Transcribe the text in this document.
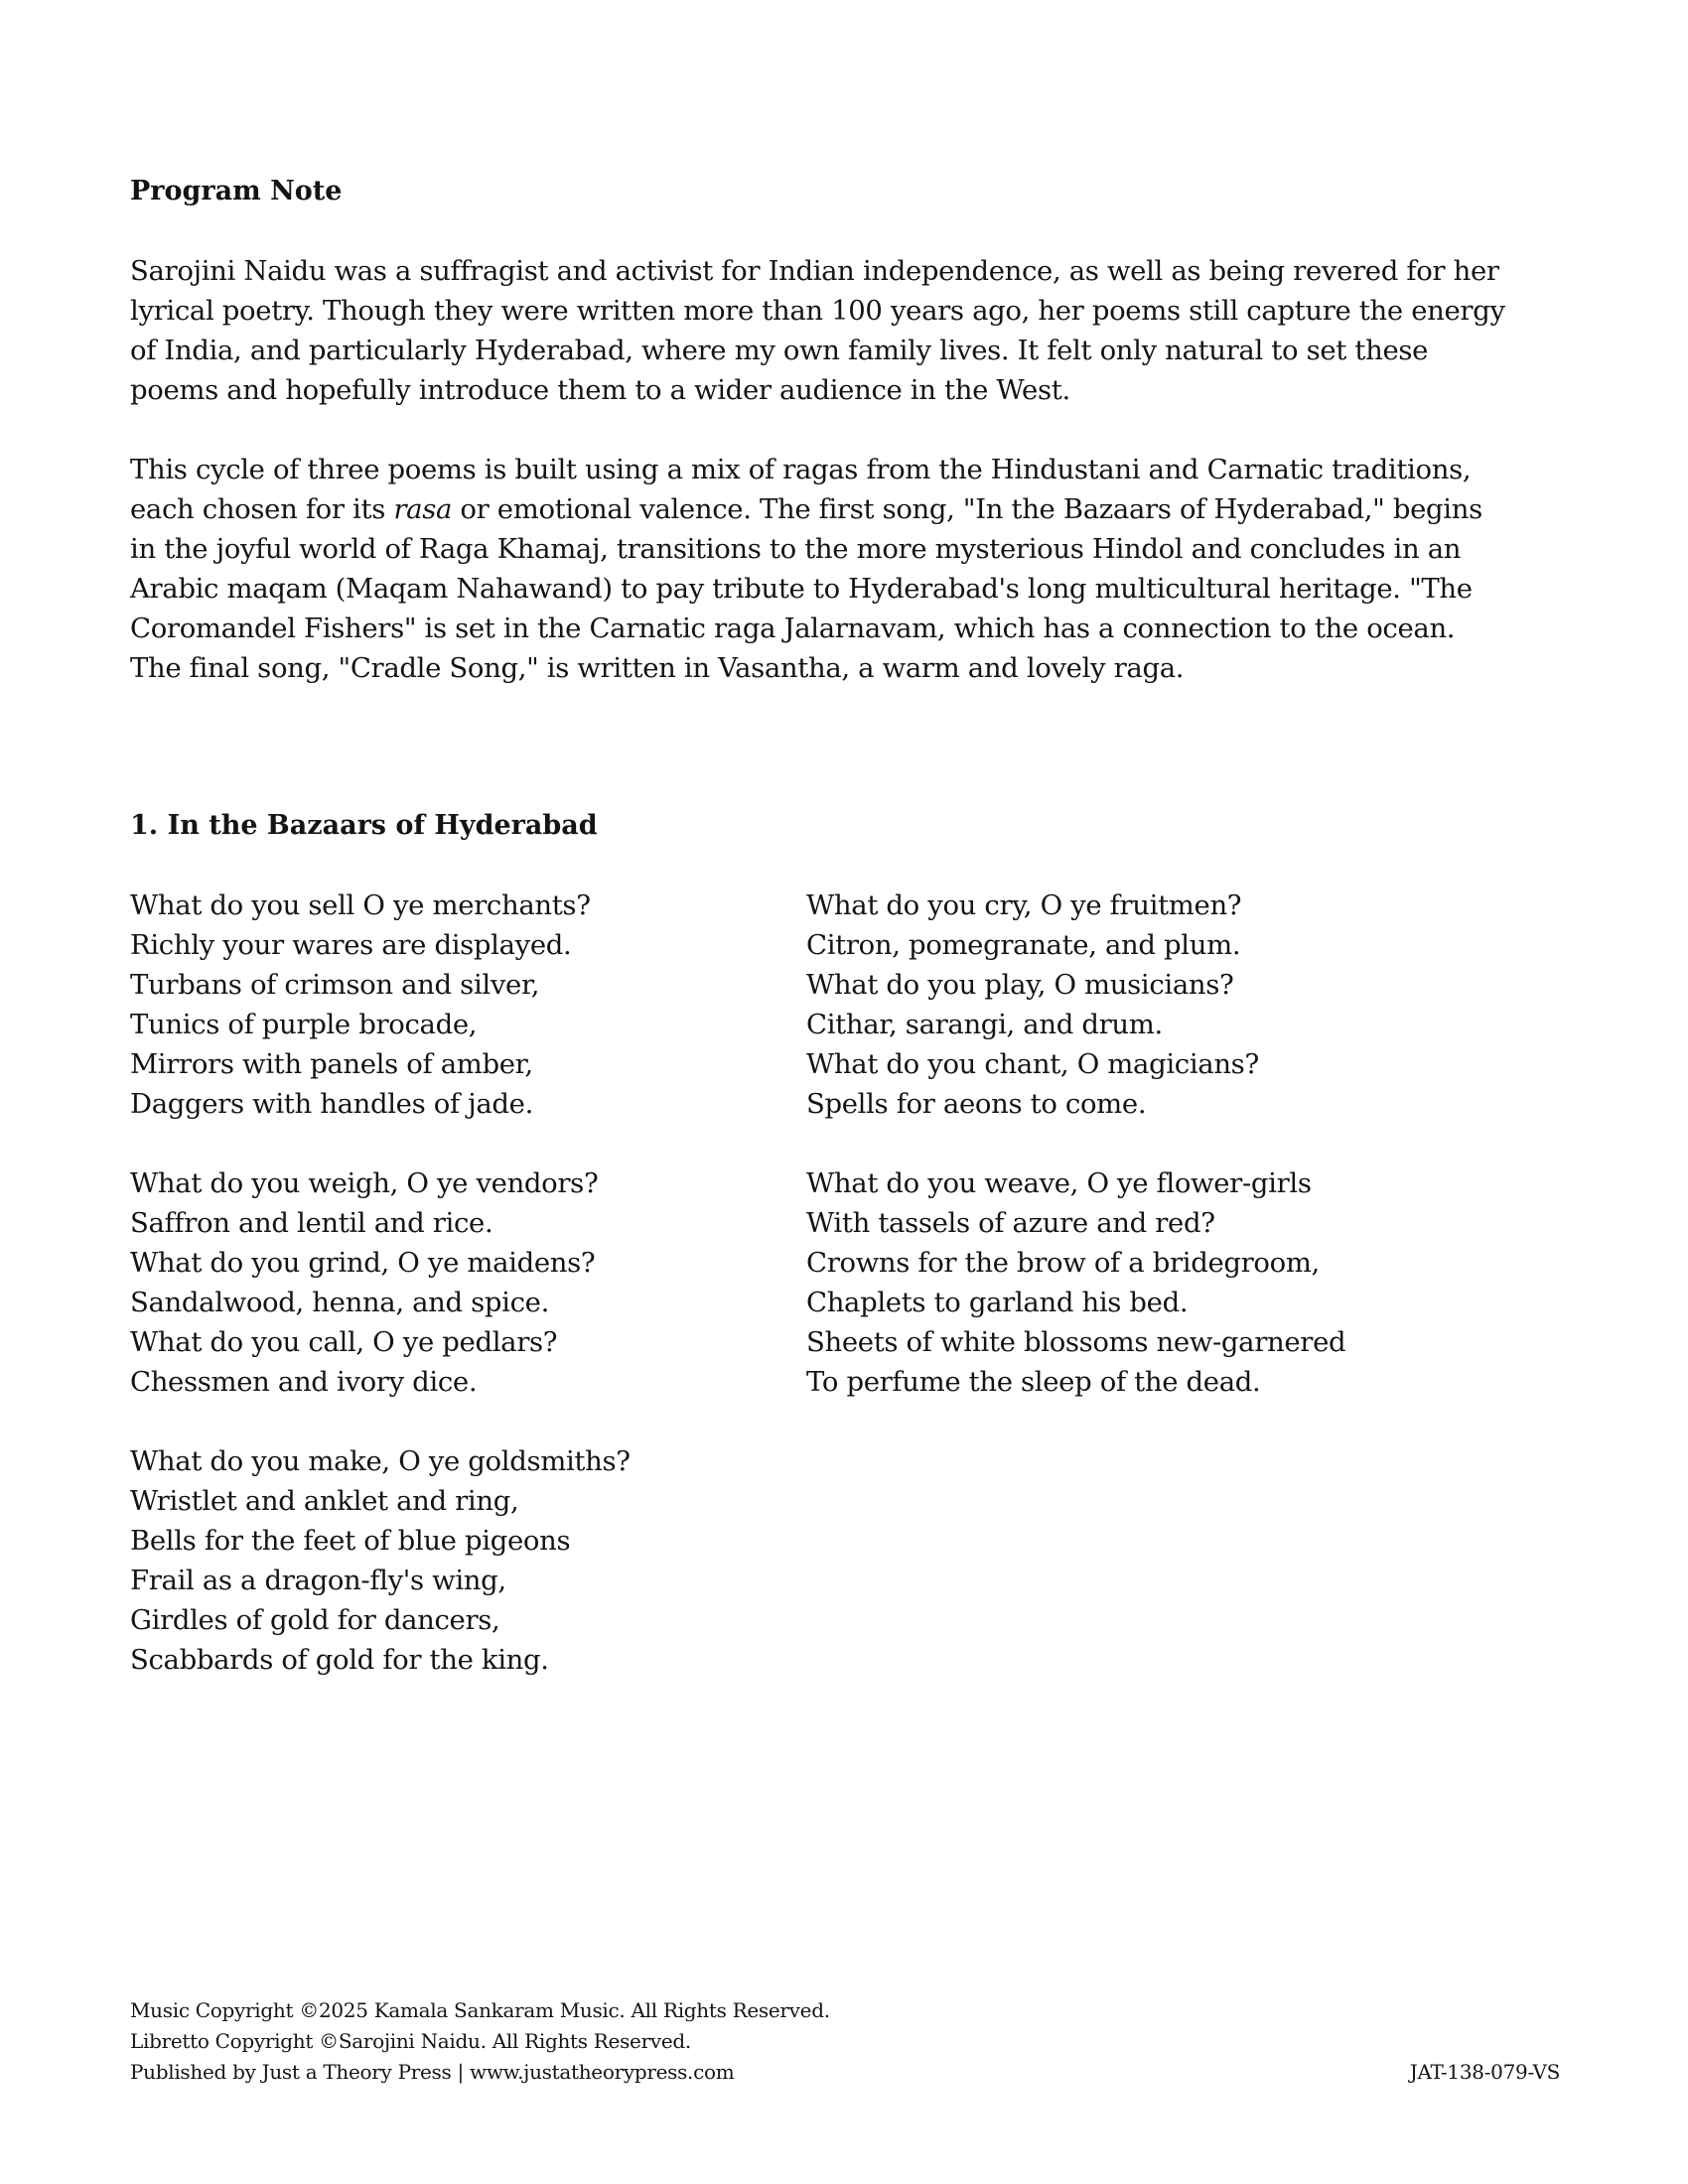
Program Note

Sarojini Naidu was a suffragist and activist for Indian independence, as well as being revered for her
lyrical poetry. Though they were written more than 100 years ago, her poems still capture the energy
of India, and particularly Hyderabad, where my own family lives. It felt only natural to set these
poems and hopefully introduce them to a wider audience in the West.

This cycle of three poems is built using a mix of ragas from the Hindustani and Carnatic traditions,
each chosen for its rasa or emotional valence. The first song, "In the Bazaars of Hyderabad," begins
in the joyful world of Raga Khamaj, transitions to the more mysterious Hindol and concludes in an
Arabic maqam (Maqam Nahawand) to pay tribute to Hyderabad's long multicultural heritage. "The
Coromandel Fishers" is set in the Carnatic raga Jalarnavam, which has a connection to the ocean.
The final song, "Cradle Song," is written in Vasantha, a warm and lovely raga.

1. In the Bazaars of Hyderabad
What do you sell O ye merchants?
Richly your wares are displayed.
Turbans of crimson and silver,
Tunics of purple brocade,
Mirrors with panels of amber,
Daggers with handles of jade.
What do you weigh, O ye vendors?
Saffron and lentil and rice.
What do you grind, O ye maidens?
Sandalwood, henna, and spice.
What do you call, O ye pedlars?
Chessmen and ivory dice.
What do you make, O ye goldsmiths?
Wristlet and anklet and ring,
Bells for the feet of blue pigeons
Frail as a dragon-fly's wing,
Girdles of gold for dancers,
Scabbards of gold for the king.
What do you cry, O ye fruitmen?
Citron, pomegranate, and plum.
What do you play, O musicians?
Cithar, sarangi, and drum.
What do you chant, O magicians?
Spells for aeons to come.
What do you weave, O ye flower-girls
With tassels of azure and red?
Crowns for the brow of a bridegroom,
Chaplets to garland his bed.
Sheets of white blossoms new-garnered
To perfume the sleep of the dead.
Music Copyright ©2025 Kamala Sankaram Music. All Rights Reserved.
Libretto Copyright ©Sarojini Naidu. All Rights Reserved.
Published by Just a Theory Press | www.justatheorypress.com	JAT-138-079-VS
